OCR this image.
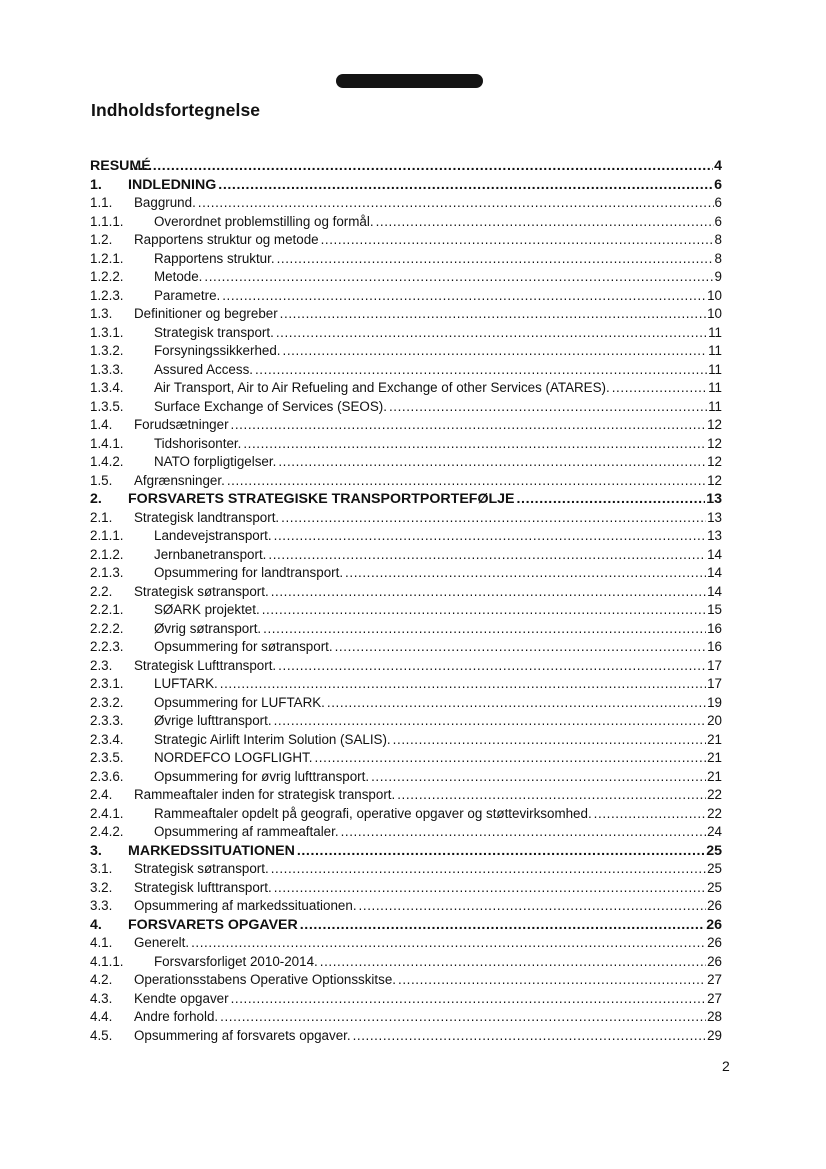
Indholdsfortegnelse
RESUMÉ .....	4
1.	INDLEDNING .....	6
1.1.	Baggrund. .....	6
1.1.1.	Overordnet problemstilling og formål. .....	6
1.2.	Rapportens struktur og metode .....	8
1.2.1.	Rapportens struktur. .....	8
1.2.2.	Metode. .....	9
1.2.3.	Parametre. .....	10
1.3.	Definitioner og begreber .....	10
1.3.1.	Strategisk transport. .....	11
1.3.2.	Forsyningssikkerhed. .....	11
1.3.3.	Assured Access. .....	11
1.3.4.	Air Transport, Air to Air Refueling and Exchange of other Services (ATARES). .....	11
1.3.5.	Surface Exchange of Services (SEOS). .....	11
1.4.	Forudsætninger .....	12
1.4.1.	Tidshorisonter. .....	12
1.4.2.	NATO forpligtigelser. .....	12
1.5.	Afgrænsninger. .....	12
2.	FORSVARETS STRATEGISKE TRANSPORTPORTEFØLJE .....	13
2.1.	Strategisk landtransport. .....	13
2.1.1.	Landevejstransport. .....	13
2.1.2.	Jernbanetransport. .....	14
2.1.3.	Opsummering for landtransport. .....	14
2.2.	Strategisk søtransport. .....	14
2.2.1.	SØARK projektet. .....	15
2.2.2.	Øvrig søtransport. .....	16
2.2.3.	Opsummering for søtransport. .....	16
2.3.	Strategisk Lufttransport. .....	17
2.3.1.	LUFTARK. .....	17
2.3.2.	Opsummering for LUFTARK. .....	19
2.3.3.	Øvrige lufttransport. .....	20
2.3.4.	Strategic Airlift Interim Solution (SALIS). .....	21
2.3.5.	NORDEFCO LOGFLIGHT. .....	21
2.3.6.	Opsummering for øvrig lufttransport. .....	21
2.4.	Rammeaftaler inden for strategisk transport. .....	22
2.4.1.	Rammeaftaler opdelt på geografi, operative opgaver og støttevirksomhed. .....	22
2.4.2.	Opsummering af rammeaftaler. .....	24
3.	MARKEDSSITUATIONEN .....	25
3.1.	Strategisk søtransport. .....	25
3.2.	Strategisk lufttransport. .....	25
3.3.	Opsummering af markedssituationen. .....	26
4.	FORSVARETS OPGAVER .....	26
4.1.	Generelt. .....	26
4.1.1.	Forsvarsforliget 2010-2014. .....	26
4.2.	Operationsstabens Operative Optionsskitse. .....	27
4.3.	Kendte opgaver .....	27
4.4.	Andre forhold. .....	28
4.5.	Opsummering af forsvarets opgaver. .....	29
2
